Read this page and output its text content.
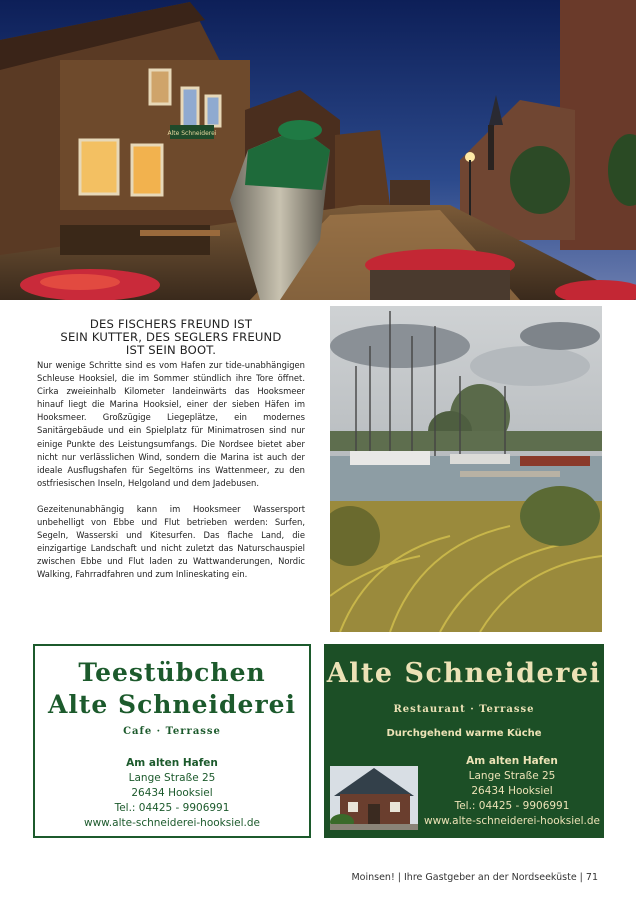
Alte Schneiderei
DES FISCHERS FREUND IST
SEIN KUTTER, DES SEGLERS FREUND
IST SEIN BOOT.

Nur wenige Schritte sind es vom Hafen zur tide-unabhängigen Schleuse Hooksiel, die im Sommer stündlich ihre Tore öffnet. Cirka zweieinhalb Kilometer landeinwärts das Hooksmeer hinauf liegt die Marina Hooksiel, einer der sieben Häfen im Hooksmeer. Großzügige Liegeplätze, ein modernes Sanitärgebäude und ein Spielplatz für Minimatrosen sind nur einige Punkte des Leistungsumfangs. Die Nordsee bietet aber nicht nur verlässlichen Wind, sondern die Marina ist auch der ideale Ausflugshafen für Segeltörns ins Wattenmeer, zu den ostfriesischen Inseln, Helgoland und dem Jadebusen.

Gezeitenunabhängig kann im Hooksmeer Wassersport unbehelligt von Ebbe und Flut betrieben werden: Surfen, Segeln, Wasserski und Kitesurfen. Das flache Land, die einzigartige Landschaft und nicht zuletzt das Naturschauspiel zwischen Ebbe und Flut laden zu Wattwanderungen, Nordic Walking, Fahrradfahren und zum Inlineskating ein.

Teestübchen
Alte Schneiderei
Cafe · Terrasse
Am alten Hafen
Lange Straße 25
26434 Hooksiel
Tel.: 04425 - 9906991
www.alte-schneiderei-hooksiel.de
Alte Schneiderei
Restaurant · Terrasse
Durchgehend warme Küche
Am alten Hafen
Lange Straße 25
26434 Hooksiel
Tel.: 04425 - 9906991
www.alte-schneiderei-hooksiel.de
Moinsen! | Ihre Gastgeber an der Nordseeküste | 71
